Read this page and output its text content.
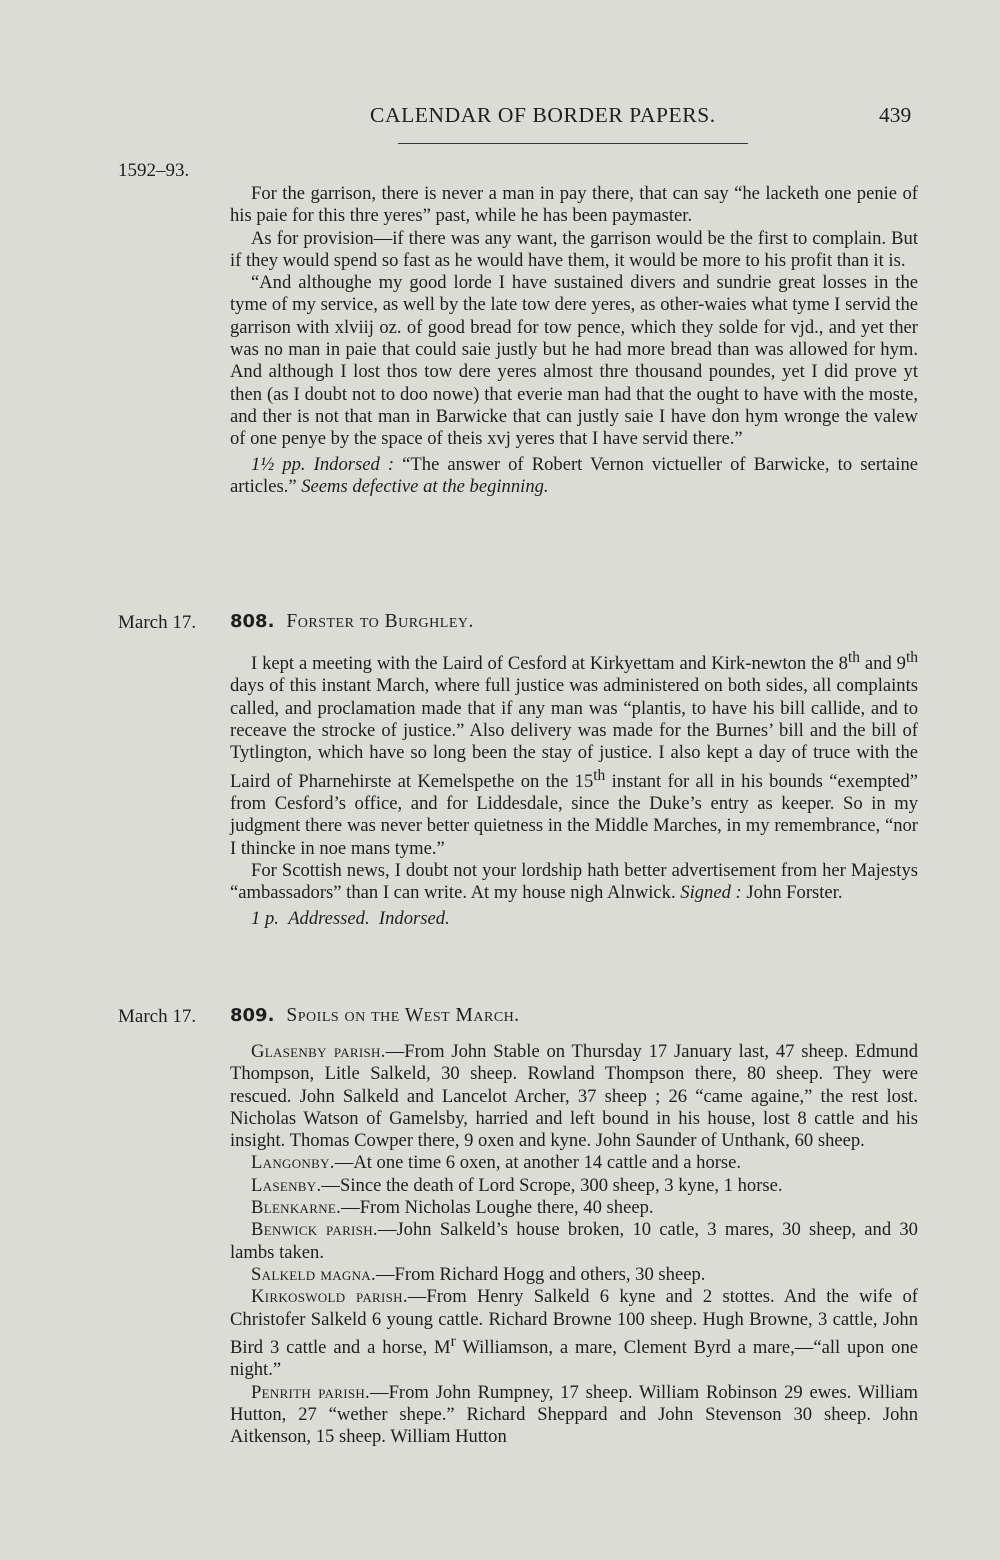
CALENDAR OF BORDER PAPERS.	439
1592–93.

For the garrison, there is never a man in pay there, that can say “he lacketh one penie of his paie for this thre yeres” past, while he has been paymaster.

As for provision—if there was any want, the garrison would be the first to complain. But if they would spend so fast as he would have them, it would be more to his profit than it is.

“And althoughe my good lorde I have sustained divers and sundrie great losses in the tyme of my service, as well by the late tow dere yeres, as other-waies what tyme I servid the garrison with xlviij oz. of good bread for tow pence, which they solde for vjd., and yet ther was no man in paie that could saie justly but he had more bread than was allowed for hym. And although I lost thos tow dere yeres almost thre thousand poundes, yet I did prove yt then (as I doubt not to doo nowe) that everie man had that the ought to have with the moste, and ther is not that man in Barwicke that can justly saie I have don hym wronge the valew of one penye by the space of theis xvj yeres that I have servid there.”

1½ pp. Indorsed : “The answer of Robert Vernon victueller of Barwicke, to sertaine articles.” Seems defective at the beginning.

March 17. 808. Forster to Burghley.

I kept a meeting with the Laird of Cesford at Kirkyettam and Kirk-newton the 8th and 9th days of this instant March, where full justice was administered on both sides, all complaints called, and proclamation made that if any man was “plantis, to have his bill callide, and to receave the strocke of justice.” Also delivery was made for the Burnes’ bill and the bill of Tytlington, which have so long been the stay of justice. I also kept a day of truce with the Laird of Pharnehirste at Kemelspethe on the 15th instant for all in his bounds “exempted” from Cesford’s office, and for Liddesdale, since the Duke’s entry as keeper. So in my judgment there was never better quietness in the Middle Marches, in my remembrance, “nor I thincke in noe mans tyme.”

For Scottish news, I doubt not your lordship hath better advertisement from her Majestys “ambassadors” than I can write. At my house nigh Alnwick. Signed : John Forster.

1 p. Addressed. Indorsed.

March 17. 809. Spoils on the West March.

Glasenby parish.—From John Stable on Thursday 17 January last, 47 sheep. Edmund Thompson, Litle Salkeld, 30 sheep. Rowland Thompson there, 80 sheep. They were rescued. John Salkeld and Lancelot Archer, 37 sheep ; 26 “came againe,” the rest lost. Nicholas Watson of Gamelsby, harried and left bound in his house, lost 8 cattle and his insight. Thomas Cowper there, 9 oxen and kyne. John Saunder of Unthank, 60 sheep.

Langonby.—At one time 6 oxen, at another 14 cattle and a horse.

Lasenby.—Since the death of Lord Scrope, 300 sheep, 3 kyne, 1 horse.

Blenkarne.—From Nicholas Loughe there, 40 sheep.

Benwick parish.—John Salkeld’s house broken, 10 catle, 3 mares, 30 sheep, and 30 lambs taken.

Salkeld magna.—From Richard Hogg and others, 30 sheep.

Kirkoswold parish.—From Henry Salkeld 6 kyne and 2 stottes. And the wife of Christofer Salkeld 6 young cattle. Richard Browne 100 sheep. Hugh Browne, 3 cattle, John Bird 3 cattle and a horse, $M^r$ Williamson, a mare, Clement Byrd a mare,—“all upon one night.”

Penrith parish.—From John Rumpney, 17 sheep. William Robinson 29 ewes. William Hutton, 27 “wether shepe.” Richard Sheppard and John Stevenson 30 sheep. John Aitkenson, 15 sheep. William Hutton
